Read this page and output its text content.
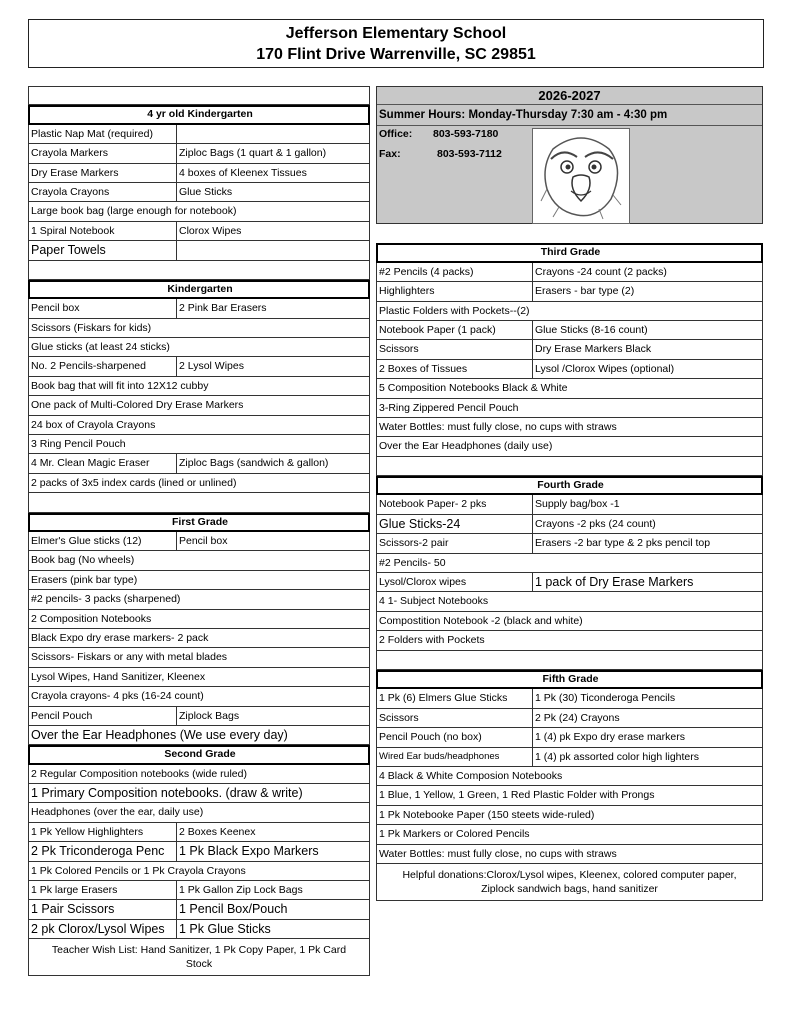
Jefferson Elementary School
170 Flint Drive Warrenville, SC 29851
4 yr old Kindergarten
Plastic Nap Mat (required)
Crayola Markers	Ziploc Bags (1 quart & 1 gallon)
Dry Erase Markers	4 boxes of Kleenex Tissues
Crayola Crayons	Glue Sticks
Large book bag (large enough for notebook)
1 Spiral Notebook	Clorox Wipes
Paper Towels
Kindergarten
Pencil box	2 Pink Bar Erasers
Scissors (Fiskars for kids)
Glue sticks (at least 24 sticks)
No. 2 Pencils-sharpened	2 Lysol Wipes
Book bag that will fit into 12X12 cubby
One pack of Multi-Colored Dry Erase Markers
24 box of Crayola Crayons
3 Ring Pencil Pouch
4 Mr. Clean Magic Eraser	Ziploc Bags (sandwich & gallon)
2 packs of 3x5 index cards (lined or unlined)
First Grade
Elmer's Glue sticks (12)	Pencil box
Book bag (No wheels)
Erasers (pink bar type)
#2 pencils- 3 packs (sharpened)
2 Composition Notebooks
Black Expo dry erase markers- 2 pack
Scissors- Fiskars or any with metal blades
Lysol Wipes, Hand Sanitizer, Kleenex
Crayola crayons- 4 pks (16-24 count)
Pencil Pouch	Ziplock Bags
Over the Ear Headphones (We use every day)
Second Grade
2 Regular Composition notebooks (wide ruled)
1 Primary Composition notebooks. (draw & write)
Headphones (over the ear, daily use)
1 Pk Yellow Highlighters	2 Boxes Keenex
2 Pk Triconderoga Penc	1 Pk Black Expo Markers
1 Pk Colored Pencils or 1 Pk Crayola Crayons
1 Pk large Erasers	1 Pk Gallon Zip Lock Bags
1 Pair Scissors	1 Pencil Box/Pouch
2 pk Clorox/Lysol Wipes	1 Pk Glue Sticks
Teacher Wish List: Hand Sanitizer, 1 Pk Copy Paper, 1 Pk Card Stock
2026-2027
Summer Hours: Monday-Thursday 7:30 am - 4:30 pm
Office: 803-593-7180
Fax:	803-593-7112
Third Grade
#2 Pencils (4 packs)	Crayons -24 count (2 packs)
Highlighters	Erasers - bar type (2)
Plastic Folders with Pockets--(2)
Notebook Paper (1 pack)	Glue Sticks (8-16 count)
Scissors	Dry Erase Markers Black
2 Boxes of Tissues	Lysol /Clorox Wipes (optional)
5 Composition Notebooks Black & White
3-Ring Zippered Pencil Pouch
Water Bottles: must fully close, no cups with straws
Over the Ear Headphones (daily use)
Fourth Grade
Notebook Paper- 2 pks	Supply bag/box -1
Glue Sticks-24	Crayons -2 pks (24 count)
Scissors-2 pair	Erasers -2 bar type & 2 pks pencil top
#2 Pencils- 50
Lysol/Clorox wipes	1 pack of Dry Erase Markers
4 1- Subject Notebooks
Compostition Notebook -2 (black and white)
2 Folders with Pockets
Fifth Grade
1 Pk (6) Elmers Glue Sticks	1 Pk (30) Ticonderoga Pencils
Scissors	2 Pk (24) Crayons
Pencil Pouch (no box)	1 (4) pk Expo dry erase markers
Wired Ear buds/headphones	1 (4) pk assorted color high lighters
4 Black & White Composion Notebooks
1 Blue, 1 Yellow, 1 Green, 1 Red Plastic Folder with Prongs
1 Pk Notebooke Paper (150 steets wide-ruled)
1 Pk Markers or Colored Pencils
Water Bottles: must fully close, no cups with straws
Helpful donations:Clorox/Lysol wipes, Kleenex, colored computer paper, Ziplock sandwich bags, hand sanitizer
